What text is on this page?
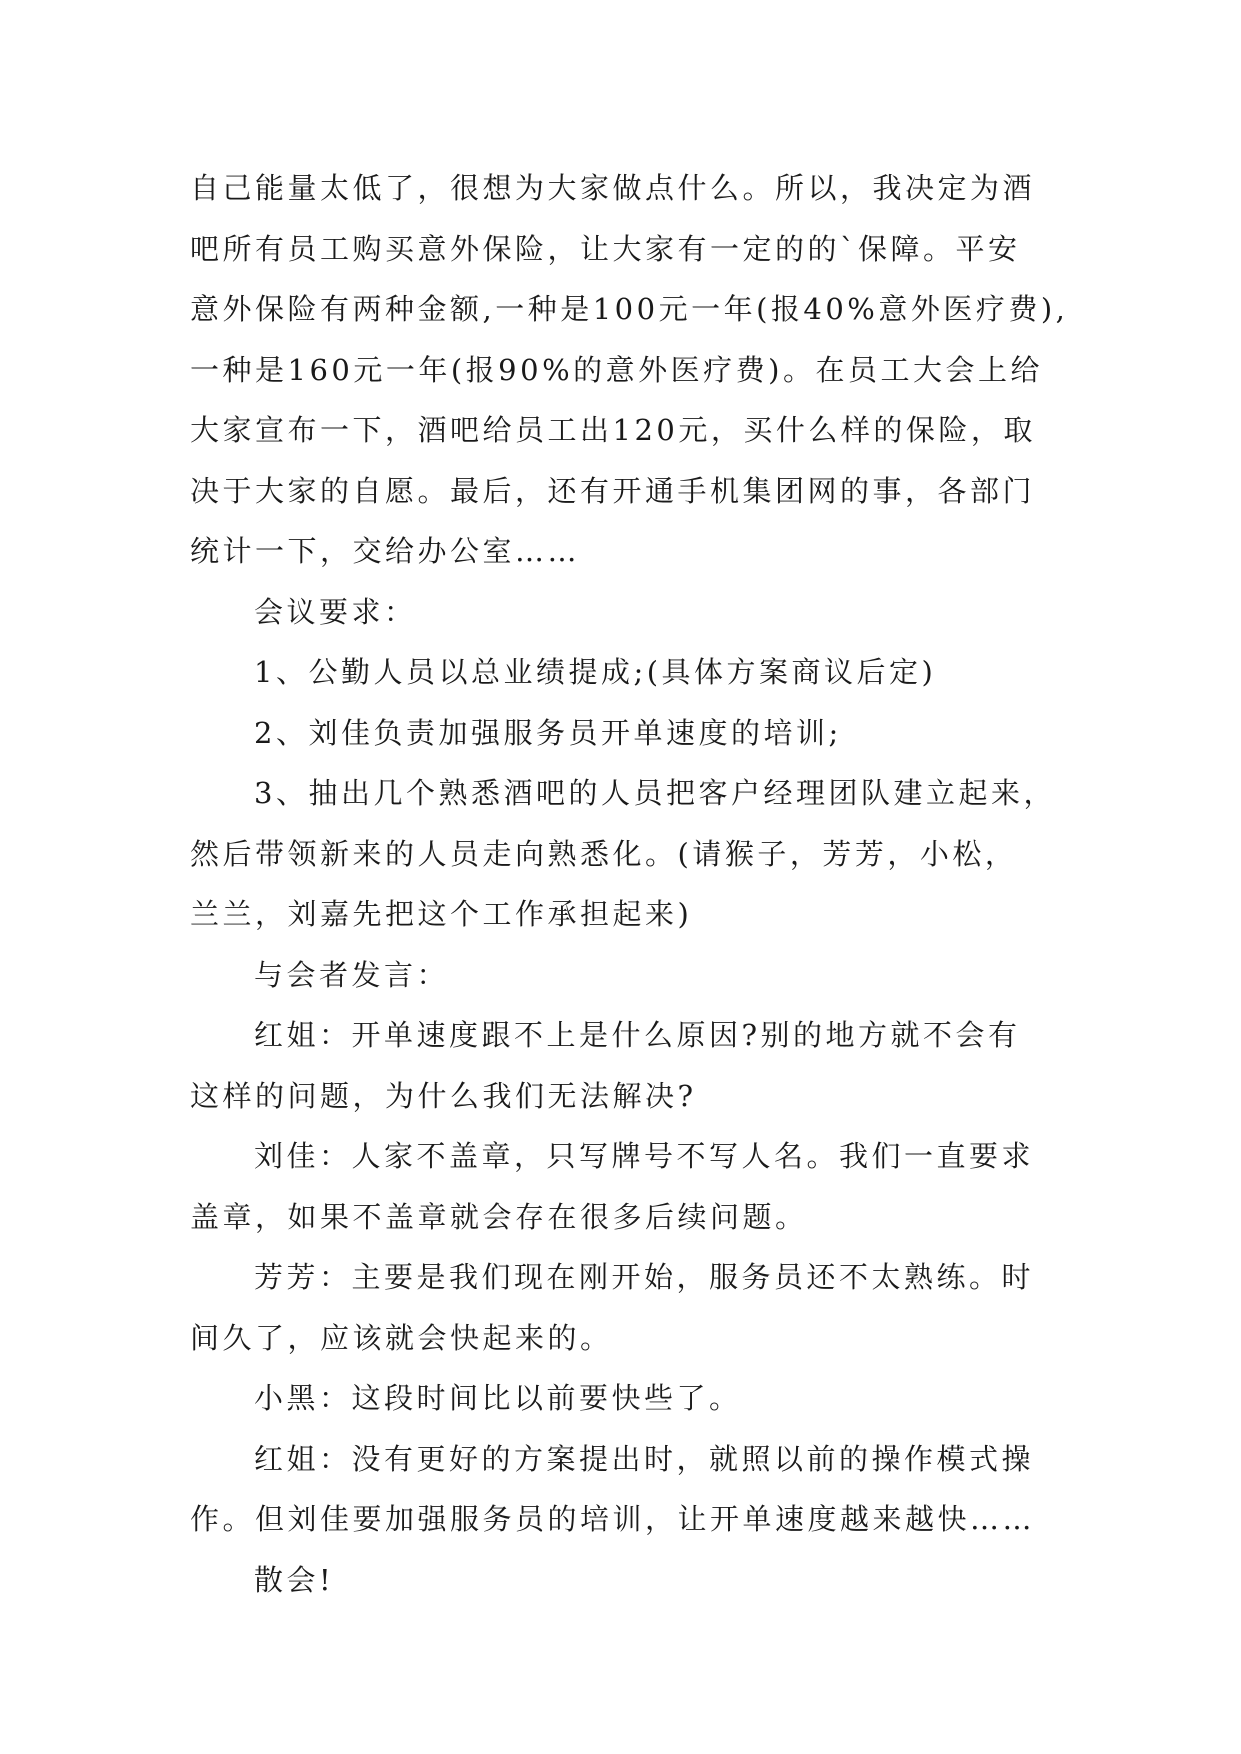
自己能量太低了，很想为大家做点什么。所以，我决定为酒
吧所有员工购买意外保险，让大家有一定的的`保障。平安
意外保险有两种金额,一种是100元一年(报40%意外医疗费),
一种是160元一年(报90%的意外医疗费)。在员工大会上给
大家宣布一下，酒吧给员工出120元，买什么样的保险，取
决于大家的自愿。最后，还有开通手机集团网的事，各部门
统计一下，交给办公室……
会议要求：
1、公勤人员以总业绩提成;(具体方案商议后定)
2、刘佳负责加强服务员开单速度的培训;
3、抽出几个熟悉酒吧的人员把客户经理团队建立起来，
然后带领新来的人员走向熟悉化。(请猴子，芳芳，小松，
兰兰，刘嘉先把这个工作承担起来)
与会者发言：
红姐：开单速度跟不上是什么原因?别的地方就不会有
这样的问题，为什么我们无法解决?
刘佳：人家不盖章，只写牌号不写人名。我们一直要求
盖章，如果不盖章就会存在很多后续问题。
芳芳：主要是我们现在刚开始，服务员还不太熟练。时
间久了，应该就会快起来的。
小黑：这段时间比以前要快些了。
红姐：没有更好的方案提出时，就照以前的操作模式操
作。但刘佳要加强服务员的培训，让开单速度越来越快……
散会!
